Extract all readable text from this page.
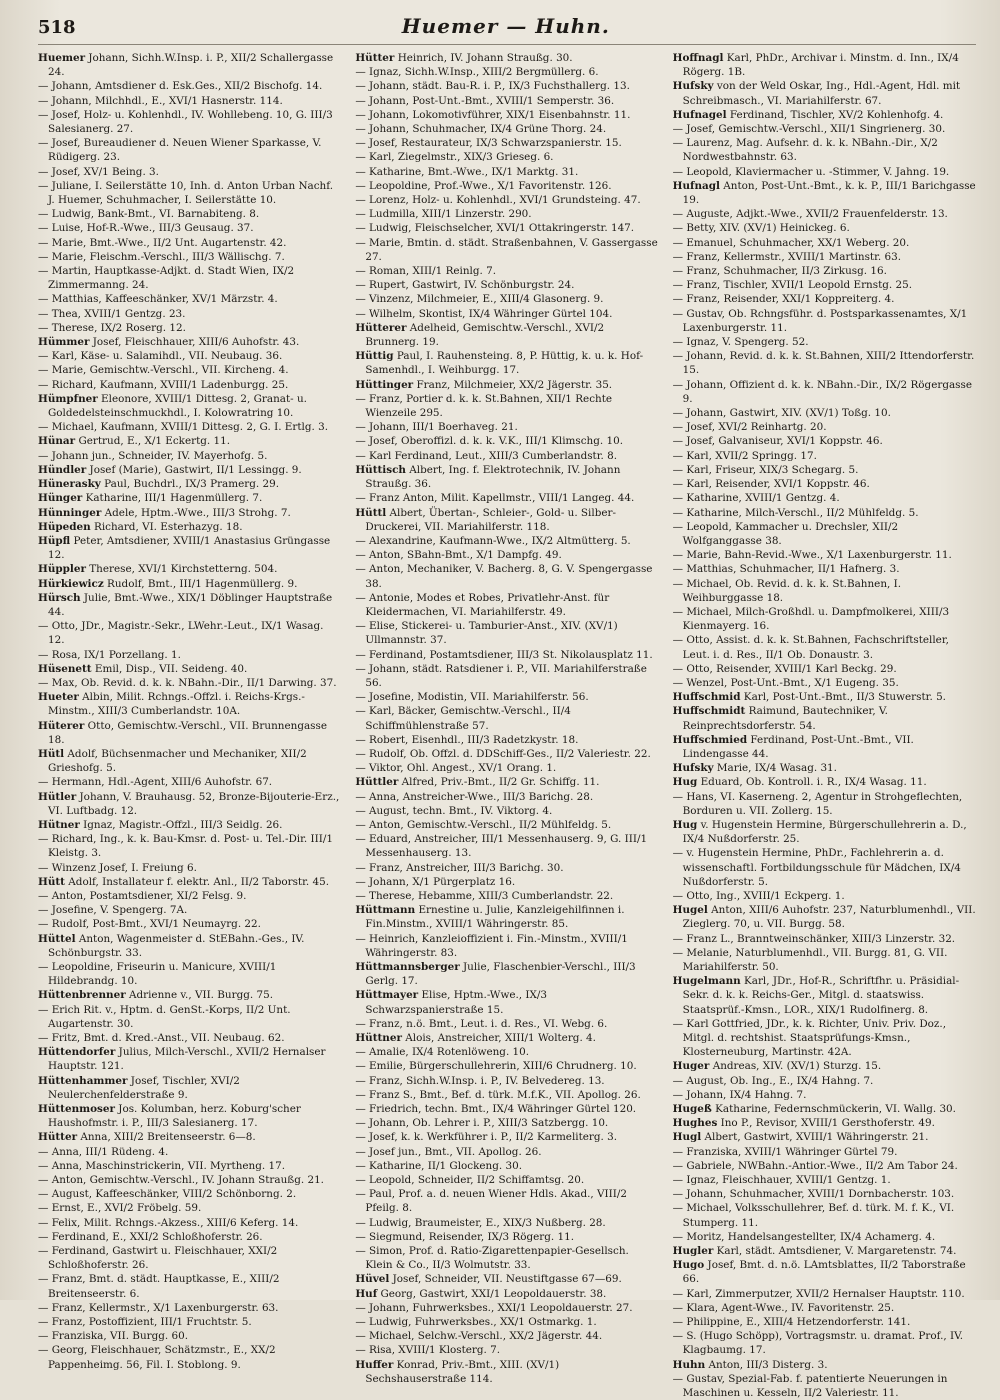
518	Huemer — Huhn.

Huemer Johann, Sichh.W.Insp. i. P., XII/2 Schallergasse 24.

— Johann, Amtsdiener d. Esk.Ges., XII/2 Bischofg. 14.

— Johann, Milchhdl., E., XVI/1 Hasnerstr. 114.

— Josef, Holz- u. Kohlenhdl., IV. Wohllebeng. 10, G. III/3 Salesianerg. 27.

— Josef, Bureaudiener d. Neuen Wiener Sparkasse, V. Rüdigerg. 23.

— Josef, XV/1 Being. 3.

— Juliane, I. Seilerstätte 10, Inh. d. Anton Urban Nachf. J. Huemer, Schuhmacher, I. Seilerstätte 10.

— Ludwig, Bank-Bmt., VI. Barnabiteng. 8.

— Luise, Hof-R.-Wwe., III/3 Geusaug. 37.

— Marie, Bmt.-Wwe., II/2 Unt. Augartenstr. 42.

— Marie, Fleischm.-Verschl., III/3 Wällischg. 7.

— Martin, Hauptkasse-Adjkt. d. Stadt Wien, IX/2 Zimmermanng. 24.

— Matthias, Kaffeeschänker, XV/1 Märzstr. 4.

— Thea, XVIII/1 Gentzg. 23.

— Therese, IX/2 Roserg. 12.

Hümmer Josef, Fleischhauer, XIII/6 Auhofstr. 43.

— Karl, Käse- u. Salamihdl., VII. Neubaug. 36.

— Marie, Gemischtw.-Verschl., VII. Kircheng. 4.

— Richard, Kaufmann, XVIII/1 Ladenburgg. 25.

Hümpfner Eleonore, XVIII/1 Dittesg. 2, Granat- u. Goldedelsteinschmuckhdl., I. Kolowratring 10.

— Michael, Kaufmann, XVIII/1 Dittesg. 2, G. I. Ertlg. 3.

Hünar Gertrud, E., X/1 Eckertg. 11.

— Johann jun., Schneider, IV. Mayerhofg. 5.

Hündler Josef (Marie), Gastwirt, II/1 Lessingg. 9.

Hünerasky Paul, Buchdrl., IX/3 Pramerg. 29.

Hünger Katharine, III/1 Hagenmüllerg. 7.

Hünninger Adele, Hptm.-Wwe., III/3 Strohg. 7.

Hüpeden Richard, VI. Esterhazyg. 18.

Hüpfl Peter, Amtsdiener, XVIII/1 Anastasius Grüngasse 12.

Hüppler Therese, XVI/1 Kirchstetterng. 504.

Hürkiewicz Rudolf, Bmt., III/1 Hagenmüllerg. 9.

Hürsch Julie, Bmt.-Wwe., XIX/1 Döblinger Hauptstraße 44.

— Otto, JDr., Magistr.-Sekr., LWehr.-Leut., IX/1 Wasag. 12.

— Rosa, IX/1 Porzellang. 1.

Hüsenett Emil, Disp., VII. Seideng. 40.

— Max, Ob. Revid. d. k. k. NBahn.-Dir., II/1 Darwing. 37.

Hueter Albin, Milit. Rchngs.-Offzl. i. Reichs-Krgs.-Minstm., XIII/3 Cumberlandstr. 10A.

Hüterer Otto, Gemischtw.-Verschl., VII. Brunnengasse 18.

Hütl Adolf, Büchsenmacher und Mechaniker, XII/2 Grieshofg. 5.

— Hermann, Hdl.-Agent, XIII/6 Auhofstr. 67.

Hütler Johann, V. Brauhausg. 52, Bronze-Bijouterie-Erz., VI. Luftbadg. 12.

Hütner Ignaz, Magistr.-Offzl., III/3 Seidlg. 26.

— Richard, Ing., k. k. Bau-Kmsr. d. Post- u. Tel.-Dir. III/1 Kleistg. 3.

— Winzenz Josef, I. Freiung 6.

Hütt Adolf, Installateur f. elektr. Anl., II/2 Taborstr. 45.

— Anton, Postamtsdiener, XI/2 Felsg. 9.

— Josefine, V. Spengerg. 7A.

— Rudolf, Post-Bmt., XVI/1 Neumayrg. 22.

Hüttel Anton, Wagenmeister d. StEBahn.-Ges., IV. Schönburgstr. 33.

— Leopoldine, Friseurin u. Manicure, XVIII/1 Hildebrandg. 10.

Hüttenbrenner Adrienne v., VII. Burgg. 75.

— Erich Rit. v., Hptm. d. GenSt.-Korps, II/2 Unt. Augartenstr. 30.

— Fritz, Bmt. d. Kred.-Anst., VII. Neubaug. 62.

Hüttendorfer Julius, Milch-Verschl., XVII/2 Hernalser Hauptstr. 121.

Hüttenhammer Josef, Tischler, XVI/2 Neulerchenfelderstraße 9.

Hüttenmoser Jos. Kolumban, herz. Koburg'scher Haushofmstr. i. P., III/3 Salesianerg. 17.

Hütter Anna, XIII/2 Breitenseerstr. 6—8.

— Anna, III/1 Rüdeng. 4.

— Anna, Maschinstrickerin, VII. Myrtheng. 17.

— Anton, Gemischtw.-Verschl., IV. Johann Straußg. 21.

— August, Kaffeeschänker, VIII/2 Schönborng. 2.

— Ernst, E., XVI/2 Fröbelg. 59.

— Felix, Milit. Rchngs.-Akzess., XIII/6 Keferg. 14.

— Ferdinand, E., XXI/2 Schloßhoferstr. 26.

— Ferdinand, Gastwirt u. Fleischhauer, XXI/2 Schloßhoferstr. 26.

— Franz, Bmt. d. städt. Hauptkasse, E., XIII/2 Breitenseerstr. 6.

— Franz, Kellermstr., X/1 Laxenburgerstr. 63.

— Franz, Postoffizient, III/1 Fruchtstr. 5.

— Franziska, VII. Burgg. 60.

— Georg, Fleischhauer, Schätzmstr., E., XX/2 Pappenheimg. 56, Fil. I. Stoblong. 9.

Hütter Heinrich, IV. Johann Straußg. 30.

— Ignaz, Sichh.W.Insp., XIII/2 Bergmüllerg. 6.

— Johann, städt. Bau-R. i. P., IX/3 Fuchsthallerg. 13.

— Johann, Post-Unt.-Bmt., XVIII/1 Semperstr. 36.

— Johann, Lokomotivführer, XIX/1 Eisenbahnstr. 11.

— Johann, Schuhmacher, IX/4 Grüne Thorg. 24.

— Josef, Restaurateur, IX/3 Schwarzspanierstr. 15.

— Karl, Ziegelmstr., XIX/3 Grieseg. 6.

— Katharine, Bmt.-Wwe., IX/1 Marktg. 31.

— Leopoldine, Prof.-Wwe., X/1 Favoritenstr. 126.

— Lorenz, Holz- u. Kohlenhdl., XVI/1 Grundsteing. 47.

— Ludmilla, XIII/1 Linzerstr. 290.

— Ludwig, Fleischselcher, XVI/1 Ottakringerstr. 147.

— Marie, Bmtin. d. städt. Straßenbahnen, V. Gassergasse 27.

— Roman, XIII/1 Reinlg. 7.

— Rupert, Gastwirt, IV. Schönburgstr. 24.

— Vinzenz, Milchmeier, E., XIII/4 Glasonerg. 9.

— Wilhelm, Skontist, IX/4 Währinger Gürtel 104.

Hütterer Adelheid, Gemischtw.-Verschl., XVI/2 Brunnerg. 19.

Hüttig Paul, I. Rauhensteing. 8, P. Hüttig, k. u. k. Hof-Samenhdl., I. Weihburgg. 17.

Hüttinger Franz, Milchmeier, XX/2 Jägerstr. 35.

— Franz, Portier d. k. k. St.Bahnen, XII/1 Rechte Wienzeile 295.

— Johann, III/1 Boerhaveg. 21.

— Josef, Oberoffizl. d. k. k. V.K., III/1 Klimschg. 10.

— Karl Ferdinand, Leut., XIII/3 Cumberlandstr. 8.

Hüttisch Albert, Ing. f. Elektrotechnik, IV. Johann Straußg. 36.

— Franz Anton, Milit. Kapellmstr., VIII/1 Langeg. 44.

Hüttl Albert, Übertan-, Schleier-, Gold- u. Silber-Druckerei, VII. Mariahilferstr. 118.

— Alexandrine, Kaufmann-Wwe., IX/2 Altmütterg. 5.

— Anton, SBahn-Bmt., X/1 Dampfg. 49.

— Anton, Mechaniker, V. Bacherg. 8, G. V. Spengergasse 38.

— Antonie, Modes et Robes, Privatlehr-Anst. für Kleidermachen, VI. Mariahilferstr. 49.

— Elise, Stickerei- u. Tamburier-Anst., XIV. (XV/1) Ullmannstr. 37.

— Ferdinand, Postamtsdiener, III/3 St. Nikolausplatz 11.

— Johann, städt. Ratsdiener i. P., VII. Mariahilferstraße 56.

— Josefine, Modistin, VII. Mariahilferstr. 56.

— Karl, Bäcker, Gemischtw.-Verschl., II/4 Schiffmühlenstraße 57.

— Robert, Eisenhdl., III/3 Radetzkystr. 18.

— Rudolf, Ob. Offzl. d. DDSchiff-Ges., II/2 Valeriestr. 22.

— Viktor, Ohl. Angest., XV/1 Orang. 1.

Hüttler Alfred, Priv.-Bmt., II/2 Gr. Schiffg. 11.

— Anna, Anstreicher-Wwe., III/3 Barichg. 28.

— August, techn. Bmt., IV. Viktorg. 4.

— Anton, Gemischtw.-Verschl., II/2 Mühlfeldg. 5.

— Eduard, Anstreicher, III/1 Messenhauserg. 9, G. III/1 Messenhauserg. 13.

— Franz, Anstreicher, III/3 Barichg. 30.

— Johann, X/1 Pürgerplatz 16.

— Therese, Hebamme, XIII/3 Cumberlandstr. 22.

Hüttmann Ernestine u. Julie, Kanzleigehilfinnen i. Fin.Minstm., XVIII/1 Währingerstr. 85.

— Heinrich, Kanzleioffizient i. Fin.-Minstm., XVIII/1 Währingerstr. 83.

Hüttmannsberger Julie, Flaschenbier-Verschl., III/3 Gerlg. 17.

Hüttmayer Elise, Hptm.-Wwe., IX/3 Schwarzspanierstraße 15.

— Franz, n.ö. Bmt., Leut. i. d. Res., VI. Webg. 6.

Hüttner Alois, Anstreicher, XIII/1 Wolterg. 4.

— Amalie, IX/4 Rotenlöweng. 10.

— Emilie, Bürgerschullehrerin, XIII/6 Chrudnerg. 10.

— Franz, Sichh.W.Insp. i. P., IV. Belvedereg. 13.

— Franz S., Bmt., Bef. d. türk. M.f.K., VII. Apollog. 26.

— Friedrich, techn. Bmt., IX/4 Währinger Gürtel 120.

— Johann, Ob. Lehrer i. P., XIII/3 Satzbergg. 10.

— Josef, k. k. Werkführer i. P., II/2 Karmeliterg. 3.

— Josef jun., Bmt., VII. Apollog. 26.

— Katharine, II/1 Glockeng. 30.

— Leopold, Schneider, II/2 Schiffamtsg. 20.

— Paul, Prof. a. d. neuen Wiener Hdls. Akad., VIII/2 Pfeilg. 8.

— Ludwig, Braumeister, E., XIX/3 Nußberg. 28.

— Siegmund, Reisender, IX/3 Rögerg. 11.

— Simon, Prof. d. Ratio-Zigarettenpapier-Gesellsch. Klein & Co., II/3 Wolmutstr. 33.

Hüvel Josef, Schneider, VII. Neustiftgasse 67—69.

Huf Georg, Gastwirt, XXI/1 Leopoldauerstr. 38.

— Johann, Fuhrwerksbes., XXI/1 Leopoldauerstr. 27.

— Ludwig, Fuhrwerksbes., XX/1 Ostmarkg. 1.

— Michael, Selchw.-Verschl., XX/2 Jägerstr. 44.

— Risa, XVIII/1 Klosterg. 7.

Huffer Konrad, Priv.-Bmt., XIII. (XV/1) Sechshauserstraße 114.

Hoffnagl Karl, PhDr., Archivar i. Minstm. d. Inn., IX/4 Rögerg. 1B.

Hufsky von der Weld Oskar, Ing., Hdl.-Agent, Hdl. mit Schreibmasch., VI. Mariahilferstr. 67.

Hufnagel Ferdinand, Tischler, XV/2 Kohlenhofg. 4.

— Josef, Gemischtw.-Verschl., XII/1 Singrienerg. 30.

— Laurenz, Mag. Aufsehr. d. k. k. NBahn.-Dir., X/2 Nordwestbahnstr. 63.

— Leopold, Klaviermacher u. -Stimmer, V. Jahng. 19.

Hufnagl Anton, Post-Unt.-Bmt., k. k. P., III/1 Barichgasse 19.

— Auguste, Adjkt.-Wwe., XVII/2 Frauenfelderstr. 13.

— Betty, XIV. (XV/1) Heinickeg. 6.

— Emanuel, Schuhmacher, XX/1 Weberg. 20.

— Franz, Kellermstr., XVIII/1 Martinstr. 63.

— Franz, Schuhmacher, II/3 Zirkusg. 16.

— Franz, Tischler, XVII/1 Leopold Ernstg. 25.

— Franz, Reisender, XXI/1 Koppreiterg. 4.

— Gustav, Ob. Rchngsführ. d. Postsparkassenamtes, X/1 Laxenburgerstr. 11.

— Ignaz, V. Spengerg. 52.

— Johann, Revid. d. k. k. St.Bahnen, XIII/2 Ittendorferstr. 15.

— Johann, Offizient d. k. k. NBahn.-Dir., IX/2 Rögergasse 9.

— Johann, Gastwirt, XIV. (XV/1) Toßg. 10.

— Josef, XVI/2 Reinhartg. 20.

— Josef, Galvaniseur, XVI/1 Koppstr. 46.

— Karl, XVII/2 Springg. 17.

— Karl, Friseur, XIX/3 Schegarg. 5.

— Karl, Reisender, XVI/1 Koppstr. 46.

— Katharine, XVIII/1 Gentzg. 4.

— Katharine, Milch-Verschl., II/2 Mühlfeldg. 5.

— Leopold, Kammacher u. Drechsler, XII/2 Wolfganggasse 38.

— Marie, Bahn-Revid.-Wwe., X/1 Laxenburgerstr. 11.

— Matthias, Schuhmacher, II/1 Hafnerg. 3.

— Michael, Ob. Revid. d. k. k. St.Bahnen, I. Weihburggasse 18.

— Michael, Milch-Großhdl. u. Dampfmolkerei, XIII/3 Kienmayerg. 16.

— Otto, Assist. d. k. k. St.Bahnen, Fachschriftsteller, Leut. i. d. Res., II/1 Ob. Donaustr. 3.

— Otto, Reisender, XVIII/1 Karl Beckg. 29.

— Wenzel, Post-Unt.-Bmt., X/1 Eugeng. 35.

Huffschmid Karl, Post-Unt.-Bmt., II/3 Stuwerstr. 5.

Huffschmidt Raimund, Bautechniker, V. Reinprechtsdorferstr. 54.

Huffschmied Ferdinand, Post-Unt.-Bmt., VII. Lindengasse 44.

Hufsky Marie, IX/4 Wasag. 31.

Hug Eduard, Ob. Kontroll. i. R., IX/4 Wasag. 11.

— Hans, VI. Kaserneng. 2, Agentur in Strohgeflechten, Borduren u. VII. Zollerg. 15.

Hug v. Hugenstein Hermine, Bürgerschullehrerin a. D., IX/4 Nußdorferstr. 25.

— v. Hugenstein Hermine, PhDr., Fachlehrerin a. d. wissenschaftl. Fortbildungsschule für Mädchen, IX/4 Nußdorferstr. 5.

— Otto, Ing., XVIII/1 Eckperg. 1.

Hugel Anton, XIII/6 Auhofstr. 237, Naturblumenhdl., VII. Zieglerg. 70, u. VII. Burgg. 58.

— Franz L., Branntweinschänker, XIII/3 Linzerstr. 32.

— Melanie, Naturblumenhdl., VII. Burgg. 81, G. VII. Mariahilferstr. 50.

Hugelmann Karl, JDr., Hof-R., Schriftfhr. u. Präsidial-Sekr. d. k. k. Reichs-Ger., Mitgl. d. staatswiss. Staatsprüf.-Kmsn., LOR., XIX/1 Rudolfinerg. 8.

— Karl Gottfried, JDr., k. k. Richter, Univ. Priv. Doz., Mitgl. d. rechtshist. Staatsprüfungs-Kmsn., Klosterneuburg, Martinstr. 42A.

Huger Andreas, XIV. (XV/1) Sturzg. 15.

— August, Ob. Ing., E., IX/4 Hahng. 7.

— Johann, IX/4 Hahng. 7.

Hugeß Katharine, Federnschmückerin, VI. Wallg. 30.

Hughes Ino P., Revisor, XVIII/1 Gersthoferstr. 49.

Hugl Albert, Gastwirt, XVIII/1 Währingerstr. 21.

— Franziska, XVIII/1 Währinger Gürtel 79.

— Gabriele, NWBahn.-Antior.-Wwe., II/2 Am Tabor 24.

— Ignaz, Fleischhauer, XVIII/1 Gentzg. 1.

— Johann, Schuhmacher, XVIII/1 Dornbacherstr. 103.

— Michael, Volksschullehrer, Bef. d. türk. M. f. K., VI. Stumperg. 11.

— Moritz, Handelsangestellter, IX/4 Achamerg. 4.

Hugler Karl, städt. Amtsdiener, V. Margaretenstr. 74.

Hugo Josef, Bmt. d. n.ö. LAmtsblattes, II/2 Taborstraße 66.

— Karl, Zimmerputzer, XVII/2 Hernalser Hauptstr. 110.

— Klara, Agent-Wwe., IV. Favoritenstr. 25.

— Philippine, E., XIII/4 Hetzendorferstr. 141.

— S. (Hugo Schöpp), Vortragsmstr. u. dramat. Prof., IV. Klagbaumg. 17.

Huhn Anton, III/3 Disterg. 3.

— Gustav, Spezial-Fab. f. patentierte Neuerungen in Maschinen u. Kesseln, II/2 Valeriestr. 11.
